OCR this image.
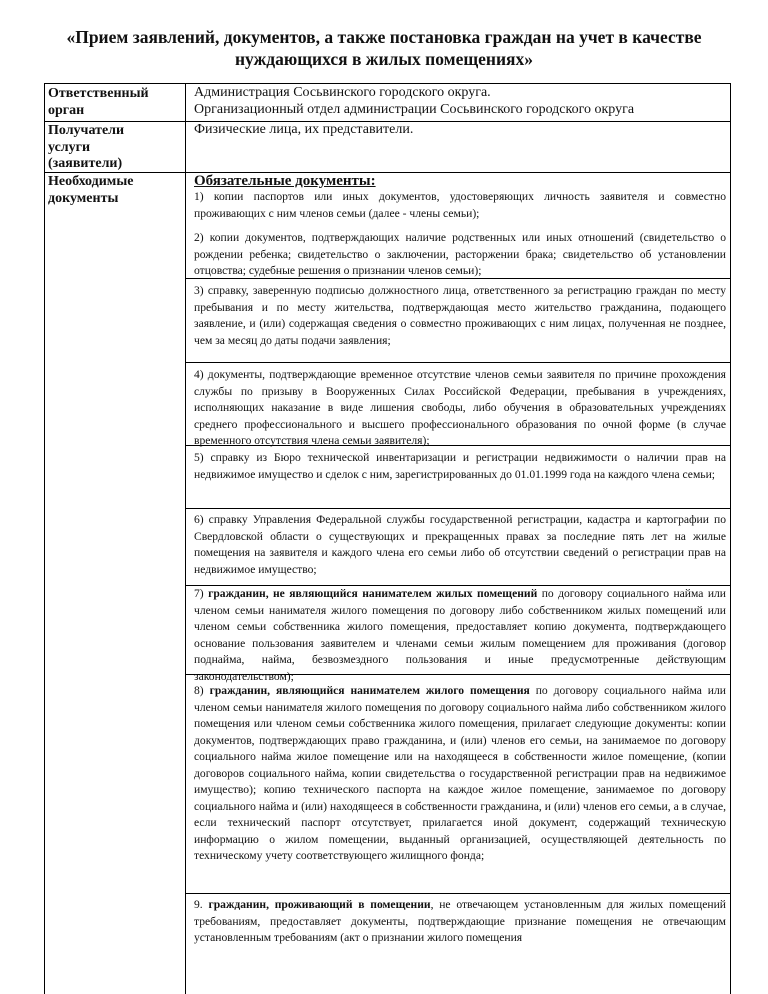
«Прием заявлений, документов, а также постановка граждан на учет в качестве
нуждающихся в жилых помещениях»
Ответственный
орган
Администрация Сосьвинского городского округа.
Организационный отдел администрации Сосьвинского городского округа
Получатели
услуги
(заявители)
Физические лица, их представители.
Необходимые
документы
Обязательные документы:
1) копии паспортов или иных документов, удостоверяющих личность заявителя и совместно проживающих с ним членов семьи (далее - члены семьи);
2) копии документов, подтверждающих наличие родственных или иных отношений (свидетельство о рождении ребенка; свидетельство о заключении, расторжении брака; свидетельство об установлении отцовства; судебные решения о признании членов семьи);
3) справку, заверенную подписью должностного лица, ответственного за регистрацию граждан по месту пребывания и по месту жительства, подтверждающая место жительство гражданина, подающего заявление, и (или) содержащая сведения о совместно проживающих с ним лицах, полученная не позднее, чем за месяц до даты подачи заявления;
4) документы, подтверждающие временное отсутствие членов семьи заявителя по причине прохождения службы по призыву в Вооруженных Силах Российской Федерации, пребывания в учреждениях, исполняющих наказание в виде лишения свободы, либо обучения в образовательных учреждениях среднего профессионального и высшего профессионального образования по очной форме (в случае временного отсутствия члена семьи заявителя);
5) справку из Бюро технической инвентаризации и регистрации недвижимости о наличии прав на недвижимое имущество и сделок с ним, зарегистрированных до 01.01.1999 года на каждого члена семьи;
6) справку Управления Федеральной службы государственной регистрации, кадастра и картографии по Свердловской области о существующих и прекращенных правах за последние пять лет на жилые помещения на заявителя и каждого члена его семьи либо об отсутствии сведений о регистрации прав на недвижимое имущество;
7) гражданин, не являющийся нанимателем жилых помещений по договору социального найма или членом семьи нанимателя жилого помещения по договору либо собственником жилых помещений или членом семьи собственника жилого помещения, предоставляет копию документа, подтверждающего основание пользования заявителем и членами семьи жилым помещением для проживания (договор поднайма, найма, безвозмездного пользования и иные предусмотренные действующим законодательством);
8) гражданин, являющийся нанимателем жилого помещения по договору социального найма или членом семьи нанимателя жилого помещения по договору социального найма либо собственником жилого помещения или членом семьи собственника жилого помещения, прилагает следующие документы: копии документов, подтверждающих право гражданина, и (или) членов его семьи, на занимаемое по договору социального найма жилое помещение или на находящееся в собственности жилое помещение, (копии договоров социального найма, копии свидетельства о государственной регистрации прав на недвижимое имущество); копию технического паспорта на каждое жилое помещение, занимаемое по договору социального найма и (или) находящееся в собственности гражданина, и (или) членов его семьи, а в случае, если технический паспорт отсутствует, прилагается иной документ, содержащий техническую информацию о жилом помещении, выданный организацией, осуществляющей деятельность по техническому учету соответствующего жилищного фонда;
9. гражданин, проживающий в помещении, не отвечающем установленным для жилых помещений требованиям, предоставляет документы, подтверждающие признание помещения не отвечающим установленным требованиям (акт о признании жилого помещения
